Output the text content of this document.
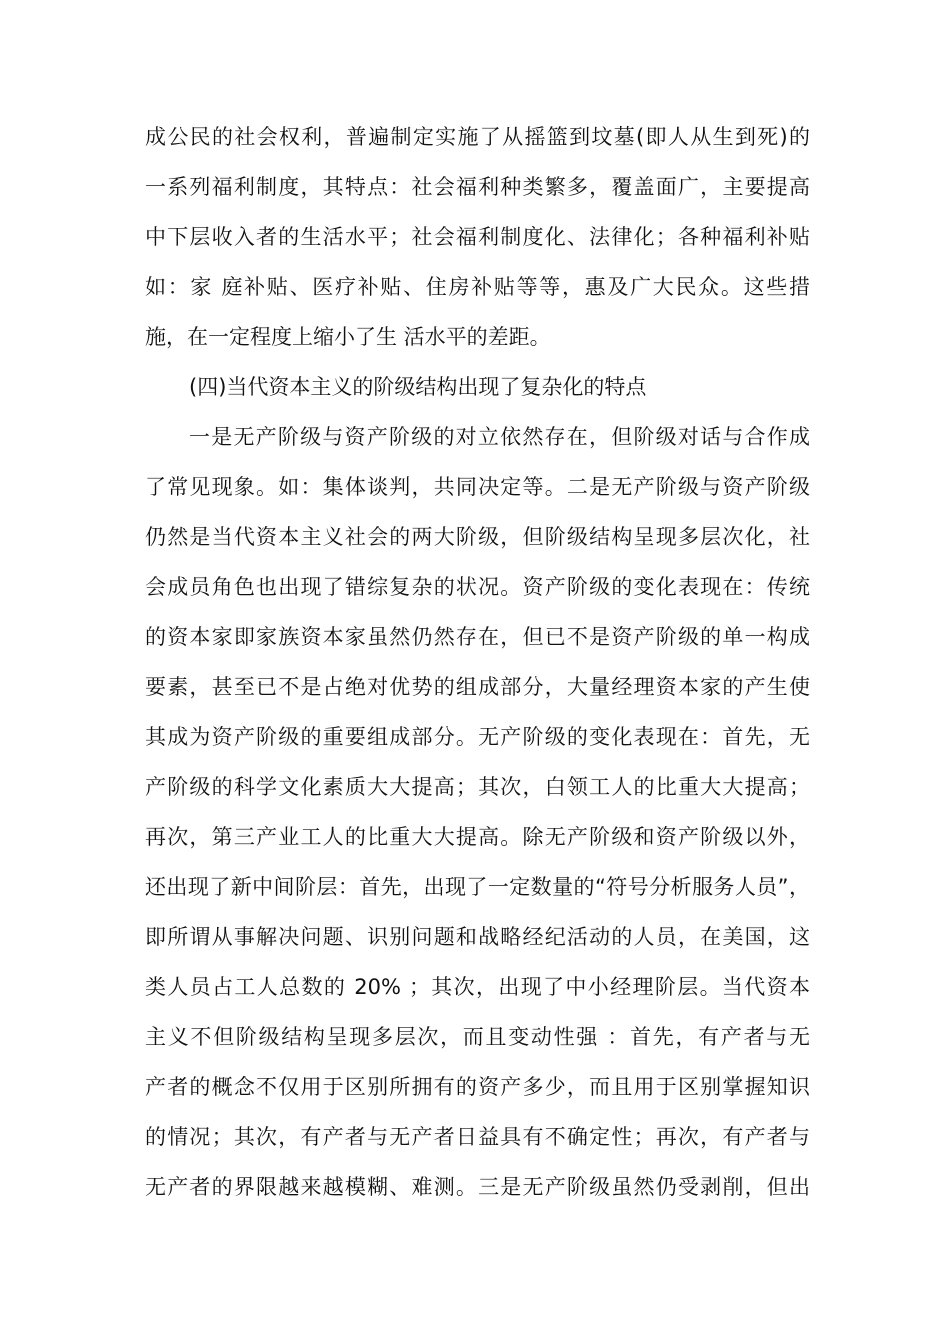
成公民的社会权利，普遍制定实施了从摇篮到坟墓(即人从生到死)的
一系列福利制度，其特点：社会福利种类繁多，覆盖面广，主要提高
中下层收入者的生活水平；社会福利制度化、法律化；各种福利补贴
如：家 庭补贴、医疗补贴、住房补贴等等，惠及广大民众。这些措
施，在一定程度上缩小了生 活水平的差距。
(四)当代资本主义的阶级结构出现了复杂化的特点
一是无产阶级与资产阶级的对立依然存在，但阶级对话与合作成
了常见现象。如：集体谈判，共同决定等。二是无产阶级与资产阶级
仍然是当代资本主义社会的两大阶级，但阶级结构呈现多层次化，社
会成员角色也出现了错综复杂的状况。资产阶级的变化表现在：传统
的资本家即家族资本家虽然仍然存在，但已不是资产阶级的单一构成
要素，甚至已不是占绝对优势的组成部分，大量经理资本家的产生使
其成为资产阶级的重要组成部分。无产阶级的变化表现在：首先，无
产阶级的科学文化素质大大提高；其次，白领工人的比重大大提高；
再次，第三产业工人的比重大大提高。除无产阶级和资产阶级以外，
还出现了新中间阶层：首先，出现了一定数量的“符号分析服务人员”，
即所谓从事解决问题、识别问题和战略经纪活动的人员，在美国，这
类人员占工人总数的 20% ；其次，出现了中小经理阶层。当代资本
主义不但阶级结构呈现多层次，而且变动性强 ：首先，有产者与无
产者的概念不仅用于区别所拥有的资产多少，而且用于区别掌握知识
的情况；其次，有产者与无产者日益具有不确定性；再次，有产者与
无产者的界限越来越模糊、难测。三是无产阶级虽然仍受剥削，但出
